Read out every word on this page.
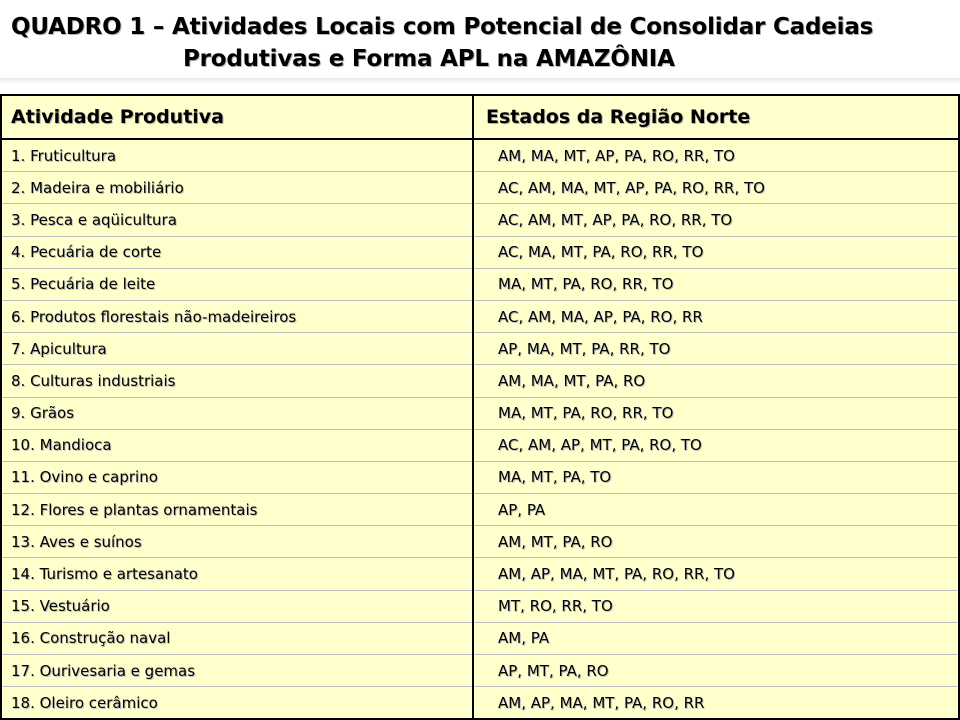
QUADRO 1 – Atividades Locais com Potencial de Consolidar Cadeias
Produtivas e Forma APL na AMAZÔNIA
Atividade Produtiva	Estados da Região Norte
1. Fruticultura	AM, MA, MT, AP, PA, RO, RR, TO
2. Madeira e mobiliário	AC, AM, MA, MT, AP, PA, RO, RR, TO
3. Pesca e aqüicultura	AC, AM, MT, AP, PA, RO, RR, TO
4. Pecuária de corte	AC, MA, MT, PA, RO, RR, TO
5. Pecuária de leite	MA, MT, PA, RO, RR, TO
6. Produtos florestais não-madeireiros	AC, AM, MA, AP, PA, RO, RR
7. Apicultura	AP, MA, MT, PA, RR, TO
8. Culturas industriais	AM, MA, MT, PA, RO
9. Grãos	MA, MT, PA, RO, RR, TO
10. Mandioca	AC, AM, AP, MT, PA, RO, TO
11. Ovino e caprino	MA, MT, PA, TO
12. Flores e plantas ornamentais	AP, PA
13. Aves e suínos	AM, MT, PA, RO
14. Turismo e artesanato	AM, AP, MA, MT, PA, RO, RR, TO
15. Vestuário	MT, RO, RR, TO
16. Construção naval	AM, PA
17. Ourivesaria e gemas	AP, MT, PA, RO
18. Oleiro cerâmico	AM, AP, MA, MT, PA, RO, RR
